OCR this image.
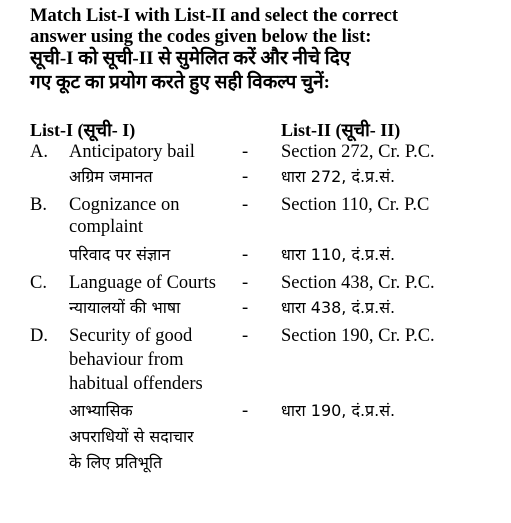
Match List-I with List-II and select the correct
answer using the codes given below the list:
सूची-I को सूची-II से सुमेलित करें और नीचे दिए
गए कूट का प्रयोग करते हुए सही विकल्प चुनें:
List-I (सूची- I)	List-II (सूची- II)
A. Anticipatory bail	- Section 272, Cr. P.C.
अग्रिम जमानत	- धारा 272, दं.प्र.सं.
B. Cognizance on	- Section 110, Cr. P.C
complaint
परिवाद पर संज्ञान	- धारा 110, दं.प्र.सं.
C. Language of Courts	- Section 438, Cr. P.C.
न्यायालयों की भाषा	- धारा 438, दं.प्र.सं.
D. Security of good	- Section 190, Cr. P.C.
behaviour from
habitual offenders
आभ्यासिक	- धारा 190, दं.प्र.सं.
अपराधियों से सदाचार
के लिए प्रतिभूति
